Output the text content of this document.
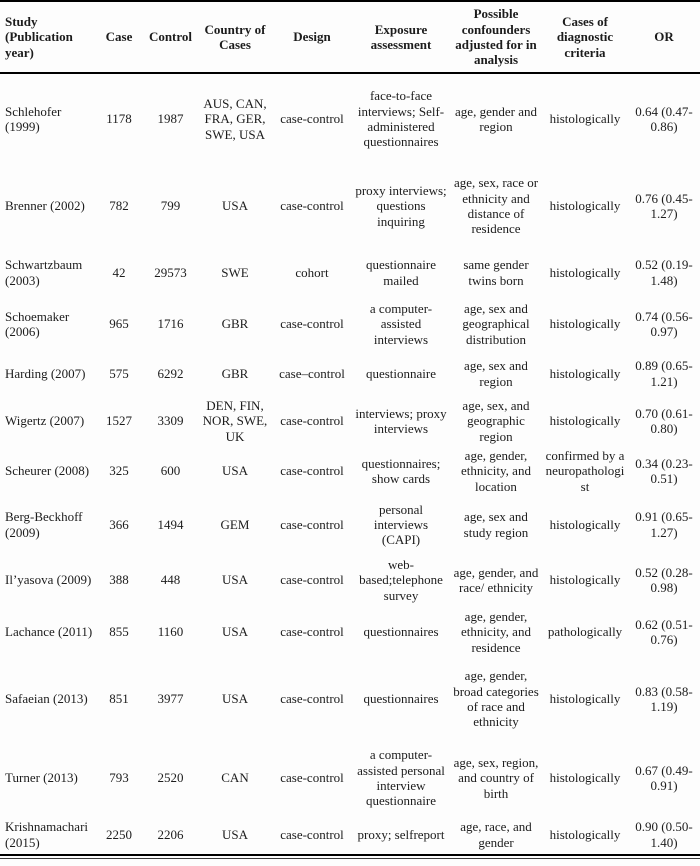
Study (Publication year)	Case	Control	Country of Cases	Design	Exposure assessment	Possible confounders adjusted for in analysis	Cases of diagnostic criteria	OR
Schlehofer (1999)	1178	1987	AUS, CAN, FRA, GER, SWE, USA	case-control	face-to-face interviews; Self-administered questionnaires	age, gender and region	histologically	0.64 (0.47-0.86)
Brenner (2002)	782	799	USA	case-control	proxy interviews; questions inquiring	age, sex, race or ethnicity and distance of residence	histologically	0.76 (0.45-1.27)
Schwartzbaum (2003)	42	29573	SWE	cohort	questionnaire mailed	same gender twins born	histologically	0.52 (0.19-1.48)
Schoemaker (2006)	965	1716	GBR	case-control	a computer-assisted interviews	age, sex and geographical distribution	histologically	0.74 (0.56-0.97)
Harding (2007)	575	6292	GBR	case–control	questionnaire	age, sex and region	histologically	0.89 (0.65-1.21)
Wigertz (2007)	1527	3309	DEN, FIN, NOR, SWE, UK	case-control	interviews; proxy interviews	age, sex, and geographic region	histologically	0.70 (0.61-0.80)
Scheurer (2008)	325	600	USA	case-control	questionnaires; show cards	age, gender, ethnicity, and location	confirmed by a neuropathologist	0.34 (0.23-0.51)
Berg-Beckhoff (2009)	366	1494	GEM	case-control	personal interviews (CAPI)	age, sex and study region	histologically	0.91 (0.65-1.27)
Il’yasova (2009)	388	448	USA	case-control	web-based;telephone survey	age, gender, and race/ ethnicity	histologically	0.52 (0.28-0.98)
Lachance (2011)	855	1160	USA	case-control	questionnaires	age, gender, ethnicity, and residence	pathologically	0.62 (0.51-0.76)
Safaeian (2013)	851	3977	USA	case-control	questionnaires	age, gender, broad categories of race and ethnicity	histologically	0.83 (0.58-1.19)
Turner (2013)	793	2520	CAN	case-control	a computer-assisted personal interview questionnaire	age, sex, region, and country of birth	histologically	0.67 (0.49-0.91)
Krishnamachari (2015)	2250	2206	USA	case-control	proxy; selfreport	age, race, and gender	histologically	0.90 (0.50-1.40)
